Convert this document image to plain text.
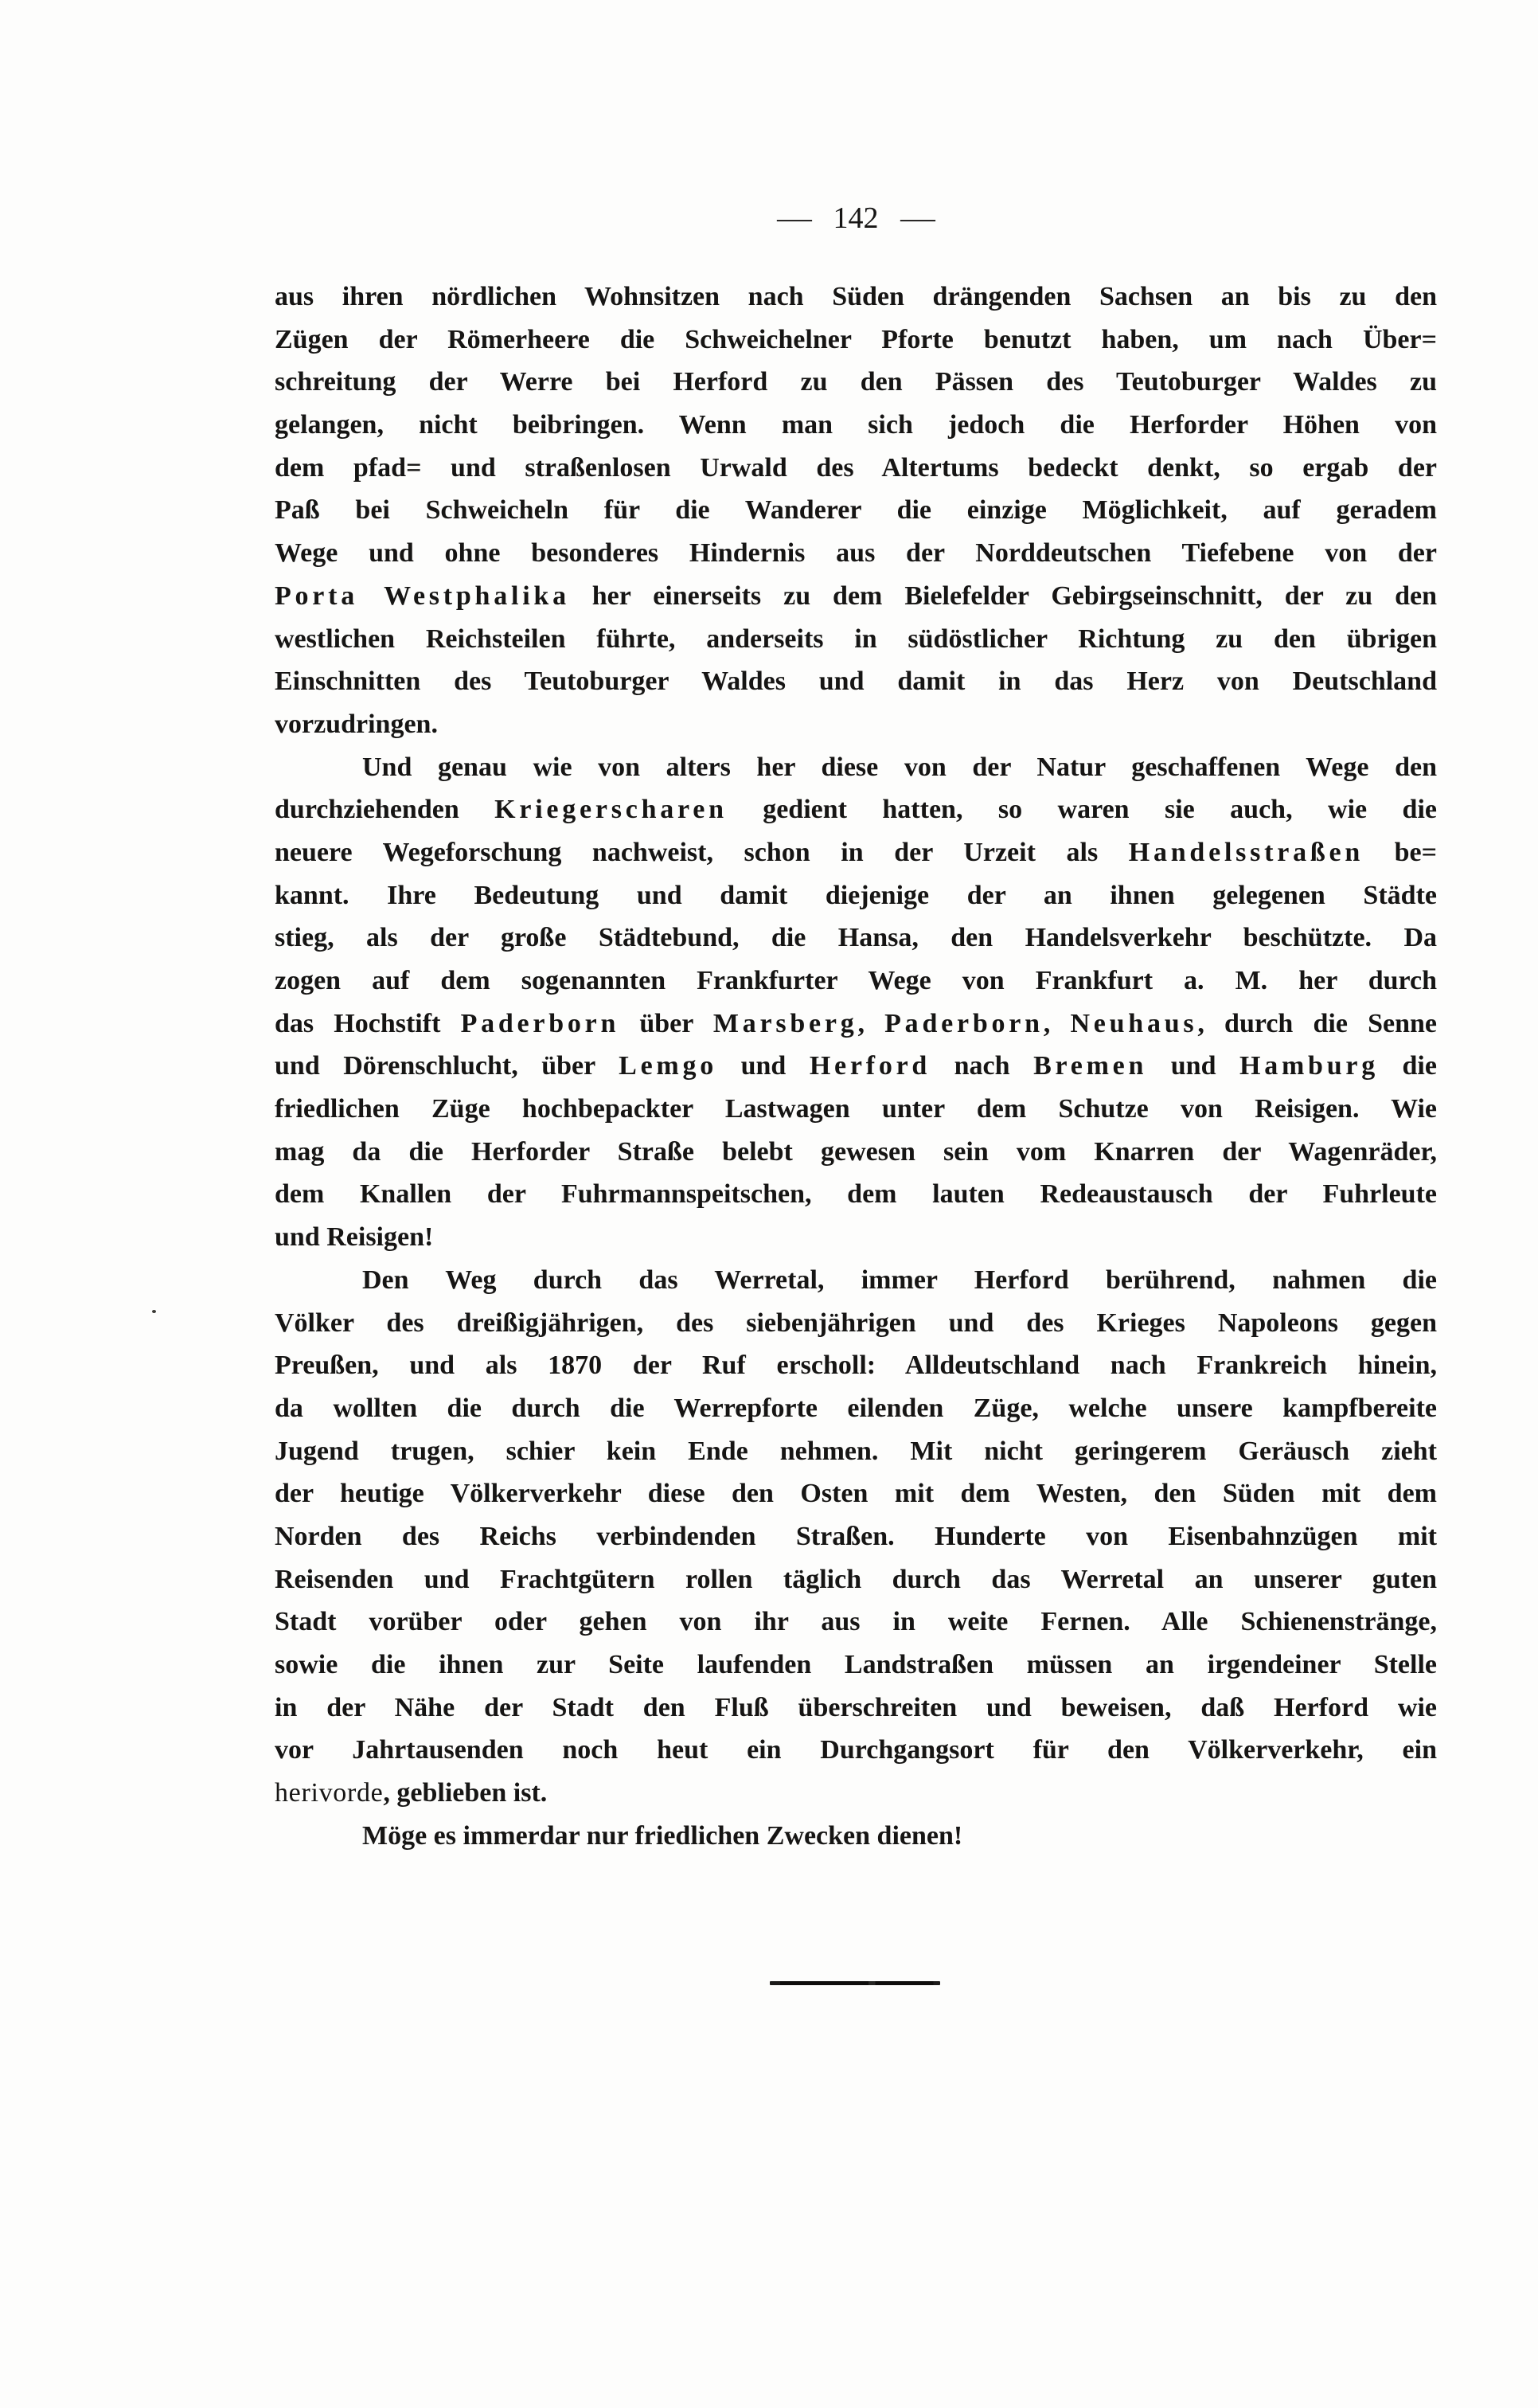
— 142 —
aus ihren nördlichen Wohnsitzen nach Süden drängenden Sachsen an bis zu den
Zügen der Römerheere die Schweichelner Pforte benutzt haben, um nach Über=
schreitung der Werre bei Herford zu den Pässen des Teutoburger Waldes zu
gelangen, nicht beibringen. Wenn man sich jedoch die Herforder Höhen von
dem pfad= und straßenlosen Urwald des Altertums bedeckt denkt, so ergab der
Paß bei Schweicheln für die Wanderer die einzige Möglichkeit, auf geradem
Wege und ohne besonderes Hindernis aus der Norddeutschen Tiefebene von der
Porta Westphalika her einerseits zu dem Bielefelder Gebirgseinschnitt, der zu den
westlichen Reichsteilen führte, anderseits in südöstlicher Richtung zu den übrigen
Einschnitten des Teutoburger Waldes und damit in das Herz von Deutschland
vorzudringen.
Und genau wie von alters her diese von der Natur geschaffenen Wege den
durchziehenden Kriegerscharen gedient hatten, so waren sie auch, wie die
neuere Wegeforschung nachweist, schon in der Urzeit als Handelsstraßen be=
kannt. Ihre Bedeutung und damit diejenige der an ihnen gelegenen Städte
stieg, als der große Städtebund, die Hansa, den Handelsverkehr beschützte. Da
zogen auf dem sogenannten Frankfurter Wege von Frankfurt a. M. her durch
das Hochstift Paderborn über Marsberg, Paderborn, Neuhaus, durch die Senne
und Dörenschlucht, über Lemgo und Herford nach Bremen und Hamburg die
friedlichen Züge hochbepackter Lastwagen unter dem Schutze von Reisigen. Wie
mag da die Herforder Straße belebt gewesen sein vom Knarren der Wagenräder,
dem Knallen der Fuhrmannspeitschen, dem lauten Redeaustausch der Fuhrleute
und Reisigen!
Den Weg durch das Werretal, immer Herford berührend, nahmen die
Völker des dreißigjährigen, des siebenjährigen und des Krieges Napoleons gegen
Preußen, und als 1870 der Ruf erscholl: Alldeutschland nach Frankreich hinein,
da wollten die durch die Werrepforte eilenden Züge, welche unsere kampfbereite
Jugend trugen, schier kein Ende nehmen. Mit nicht geringerem Geräusch zieht
der heutige Völkerverkehr diese den Osten mit dem Westen, den Süden mit dem
Norden des Reichs verbindenden Straßen. Hunderte von Eisenbahnzügen mit
Reisenden und Frachtgütern rollen täglich durch das Werretal an unserer guten
Stadt vorüber oder gehen von ihr aus in weite Fernen. Alle Schienenstränge,
sowie die ihnen zur Seite laufenden Landstraßen müssen an irgendeiner Stelle
in der Nähe der Stadt den Fluß überschreiten und beweisen, daß Herford wie
vor Jahrtausenden noch heut ein Durchgangsort für den Völkerverkehr, ein
herivorde, geblieben ist.
Möge es immerdar nur friedlichen Zwecken dienen!
